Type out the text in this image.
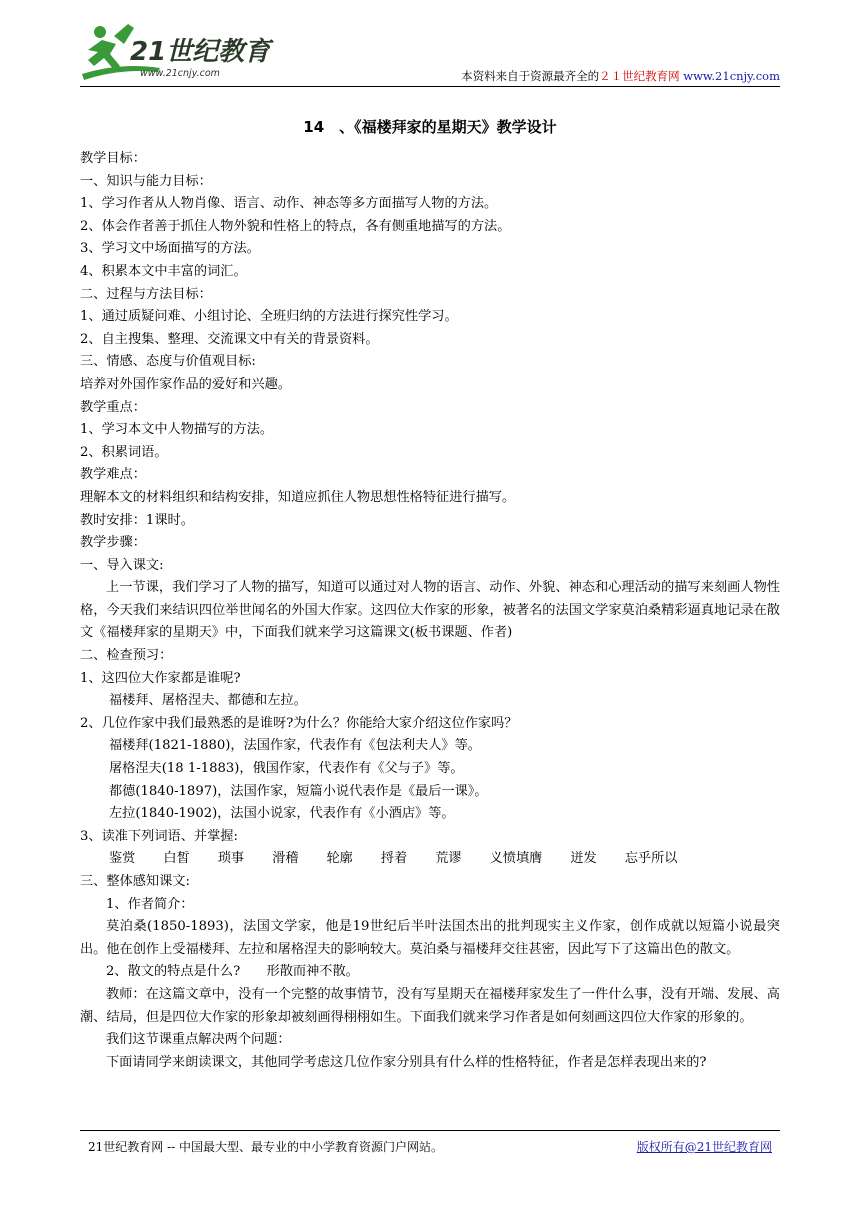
21世纪教育
www.21cnjy.com	本资料来自于资源最齐全的２１世纪教育网 www.21cnjy.com
14　、《福楼拜家的星期天》教学设计
教学目标：
一、知识与能力目标：
1、学习作者从人物肖像、语言、动作、神态等多方面描写人物的方法。
2、体会作者善于抓住人物外貌和性格上的特点，各有侧重地描写的方法。
3、学习文中场面描写的方法。
4、积累本文中丰富的词汇。
二、过程与方法目标：
1、通过质疑问难、小组讨论、全班归纳的方法进行探究性学习。
2、自主搜集、整理、交流课文中有关的背景资料。
三、情感、态度与价值观目标:
培养对外国作家作品的爱好和兴趣。
教学重点：
1、学习本文中人物描写的方法。
2、积累词语。
教学难点：
理解本文的材料组织和结构安排，知道应抓住人物思想性格特征进行描写。
教时安排：1课时。
教学步骤：
一、导入课文:
上一节课，我们学习了人物的描写，知道可以通过对人物的语言、动作、外貌、神态和心理活动的描写来刻画人物性格，今天我们来结识四位举世闻名的外国大作家。这四位大作家的形象，被著名的法国文学家莫泊桑精彩逼真地记录在散文《福楼拜家的星期天》中，下面我们就来学习这篇课文(板书课题、作者)
二、检查预习：
1、这四位大作家都是谁呢?
福楼拜、屠格涅夫、都德和左拉。
2、几位作家中我们最熟悉的是谁呀?为什么？你能给大家介绍这位作家吗？
福楼拜(1821-1880)，法国作家，代表作有《包法利夫人》等。
屠格涅夫(18 1-1883)，俄国作家，代表作有《父与子》等。
都德(1840-1897)，法国作家，短篇小说代表作是《最后一课》。
左拉(1840-1902)，法国小说家，代表作有《小酒店》等。
3、读准下列词语、并掌握:
鉴赏 白皙 琐事 滑稽 轮廓 捋着 荒谬 义愤填膺 迸发 忘乎所以
三、整体感知课文:
1、作者简介：
莫泊桑(1850-1893)，法国文学家，他是19世纪后半叶法国杰出的批判现实主义作家，创作成就以短篇小说最突出。他在创作上受福楼拜、左拉和屠格涅夫的影响较大。莫泊桑与福楼拜交往甚密，因此写下了这篇出色的散文。
2、散文的特点是什么?　　形散而神不散。
教师：在这篇文章中，没有一个完整的故事情节，没有写星期天在福楼拜家发生了一件什么事，没有开端、发展、高潮、结局，但是四位大作家的形象却被刻画得栩栩如生。下面我们就来学习作者是如何刻画这四位大作家的形象的。
我们这节课重点解决两个问题：
下面请同学来朗读课文，其他同学考虑这几位作家分别具有什么样的性格特征，作者是怎样表现出来的?
21世纪教育网 -- 中国最大型、最专业的中小学教育资源门户网站。	版权所有@21世纪教育网
